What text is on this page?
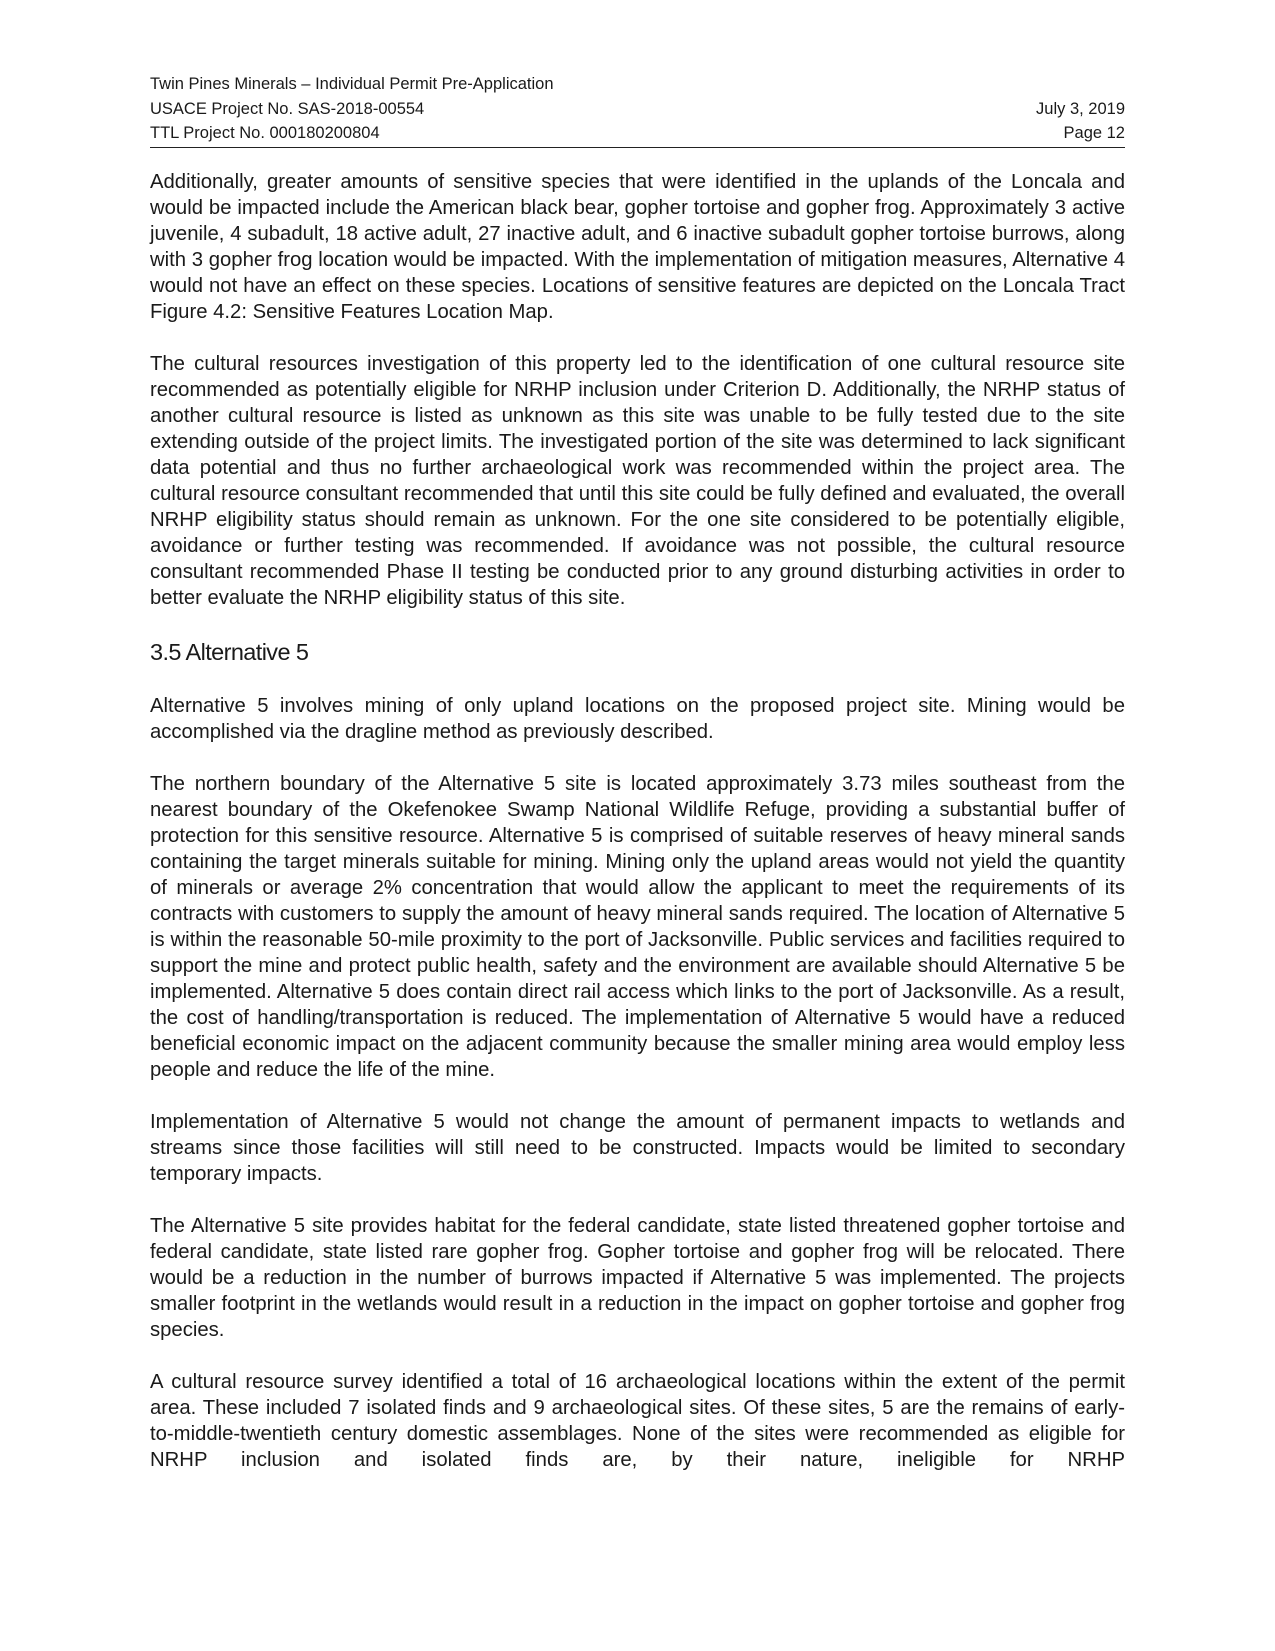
Twin Pines Minerals – Individual Permit Pre-Application
USACE Project No. SAS-2018-00554	July 3, 2019
TTL Project No. 000180200804	Page 12

Additionally, greater amounts of sensitive species that were identified in the uplands of the Loncala and would be impacted include the American black bear, gopher tortoise and gopher frog. Approximately 3 active juvenile, 4 subadult, 18 active adult, 27 inactive adult, and 6 inactive subadult gopher tortoise burrows, along with 3 gopher frog location would be impacted. With the implementation of mitigation measures, Alternative 4 would not have an effect on these species. Locations of sensitive features are depicted on the Loncala Tract Figure 4.2: Sensitive Features Location Map.

The cultural resources investigation of this property led to the identification of one cultural resource site recommended as potentially eligible for NRHP inclusion under Criterion D. Additionally, the NRHP status of another cultural resource is listed as unknown as this site was unable to be fully tested due to the site extending outside of the project limits. The investigated portion of the site was determined to lack significant data potential and thus no further archaeological work was recommended within the project area. The cultural resource consultant recommended that until this site could be fully defined and evaluated, the overall NRHP eligibility status should remain as unknown. For the one site considered to be potentially eligible, avoidance or further testing was recommended. If avoidance was not possible, the cultural resource consultant recommended Phase II testing be conducted prior to any ground disturbing activities in order to better evaluate the NRHP eligibility status of this site.

3.5 Alternative 5

Alternative 5 involves mining of only upland locations on the proposed project site. Mining would be accomplished via the dragline method as previously described.

The northern boundary of the Alternative 5 site is located approximately 3.73 miles southeast from the nearest boundary of the Okefenokee Swamp National Wildlife Refuge, providing a substantial buffer of protection for this sensitive resource. Alternative 5 is comprised of suitable reserves of heavy mineral sands containing the target minerals suitable for mining. Mining only the upland areas would not yield the quantity of minerals or average 2% concentration that would allow the applicant to meet the requirements of its contracts with customers to supply the amount of heavy mineral sands required. The location of Alternative 5 is within the reasonable 50-mile proximity to the port of Jacksonville. Public services and facilities required to support the mine and protect public health, safety and the environment are available should Alternative 5 be implemented. Alternative 5 does contain direct rail access which links to the port of Jacksonville. As a result, the cost of handling/transportation is reduced. The implementation of Alternative 5 would have a reduced beneficial economic impact on the adjacent community because the smaller mining area would employ less people and reduce the life of the mine.

Implementation of Alternative 5 would not change the amount of permanent impacts to wetlands and streams since those facilities will still need to be constructed. Impacts would be limited to secondary temporary impacts.

The Alternative 5 site provides habitat for the federal candidate, state listed threatened gopher tortoise and federal candidate, state listed rare gopher frog. Gopher tortoise and gopher frog will be relocated. There would be a reduction in the number of burrows impacted if Alternative 5 was implemented. The projects smaller footprint in the wetlands would result in a reduction in the impact on gopher tortoise and gopher frog species.

A cultural resource survey identified a total of 16 archaeological locations within the extent of the permit area. These included 7 isolated finds and 9 archaeological sites. Of these sites, 5 are the remains of early-to-middle-twentieth century domestic assemblages. None of the sites were recommended as eligible for NRHP inclusion and isolated finds are, by their nature, ineligible for NRHP
